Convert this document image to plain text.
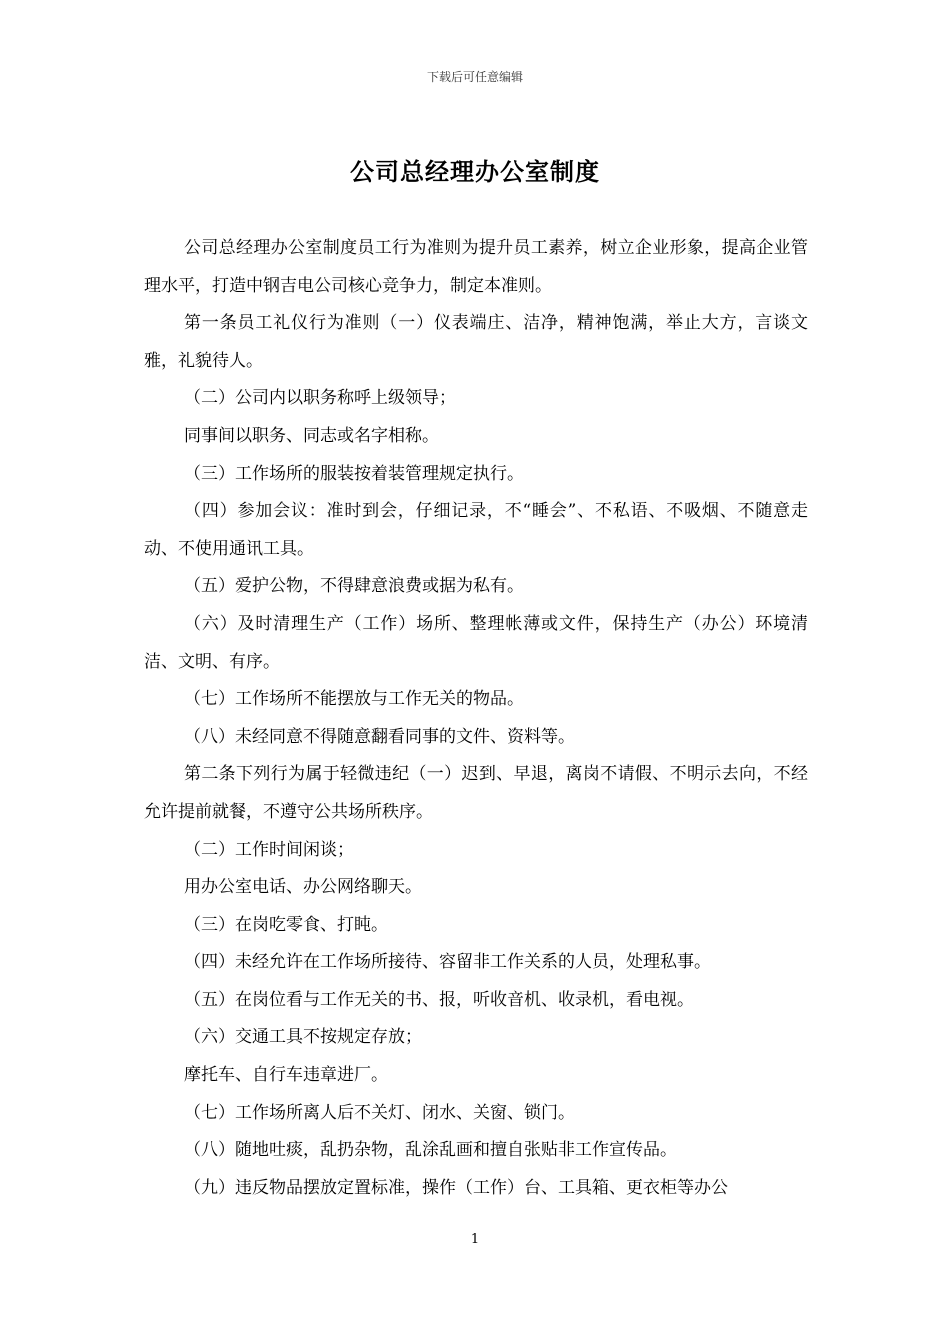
下载后可任意编辑
公司总经理办公室制度

公司总经理办公室制度员工行为准则为提升员工素养，树立企业形象，提高企业管理水平，打造中钢吉电公司核心竞争力，制定本准则。

第一条员工礼仪行为准则（一）仪表端庄、洁净，精神饱满，举止大方，言谈文雅，礼貌待人。

（二）公司内以职务称呼上级领导；

同事间以职务、同志或名字相称。

（三）工作场所的服装按着装管理规定执行。

（四）参加会议：准时到会，仔细记录，不“睡会”、不私语、不吸烟、不随意走动、不使用通讯工具。

（五）爱护公物，不得肆意浪费或据为私有。

（六）及时清理生产（工作）场所、整理帐薄或文件，保持生产（办公）环境清洁、文明、有序。

（七）工作场所不能摆放与工作无关的物品。

（八）未经同意不得随意翻看同事的文件、资料等。

第二条下列行为属于轻微违纪（一）迟到、早退，离岗不请假、不明示去向，不经允许提前就餐，不遵守公共场所秩序。

（二）工作时间闲谈；

用办公室电话、办公网络聊天。

（三）在岗吃零食、打盹。

（四）未经允许在工作场所接待、容留非工作关系的人员，处理私事。

（五）在岗位看与工作无关的书、报，听收音机、收录机，看电视。

（六）交通工具不按规定存放；

摩托车、自行车违章进厂。

（七）工作场所离人后不关灯、闭水、关窗、锁门。

（八）随地吐痰，乱扔杂物，乱涂乱画和擅自张贴非工作宣传品。

（九）违反物品摆放定置标准，操作（工作）台、工具箱、更衣柜等办公

1
